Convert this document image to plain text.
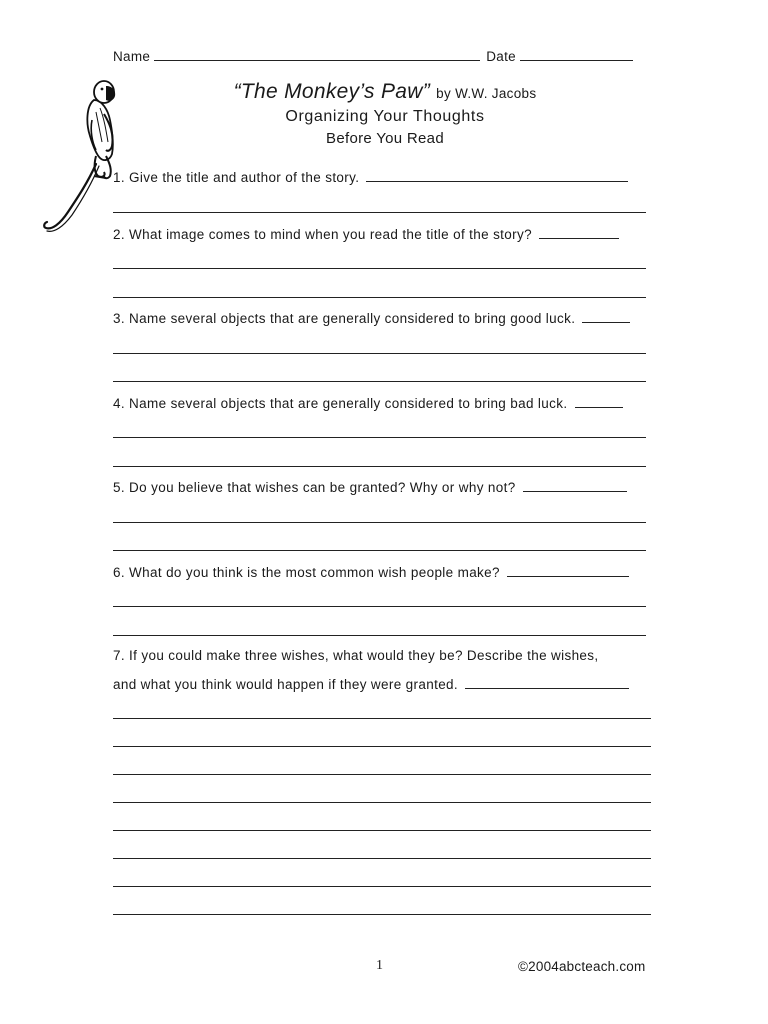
Name	Date
“The Monkey’s Paw” by W.W. Jacobs
Organizing Your Thoughts
Before You Read
1. Give the title and author of the story.
2. What image comes to mind when you read the title of the story?
3. Name several objects that are generally considered to bring good luck.
4. Name several objects that are generally considered to bring bad luck.
5. Do you believe that wishes can be granted? Why or why not?
6. What do you think is the most common wish people make?
7. If you could make three wishes, what would they be? Describe the wishes,
and what you think would happen if they were granted.
1	©2004abcteach.com
